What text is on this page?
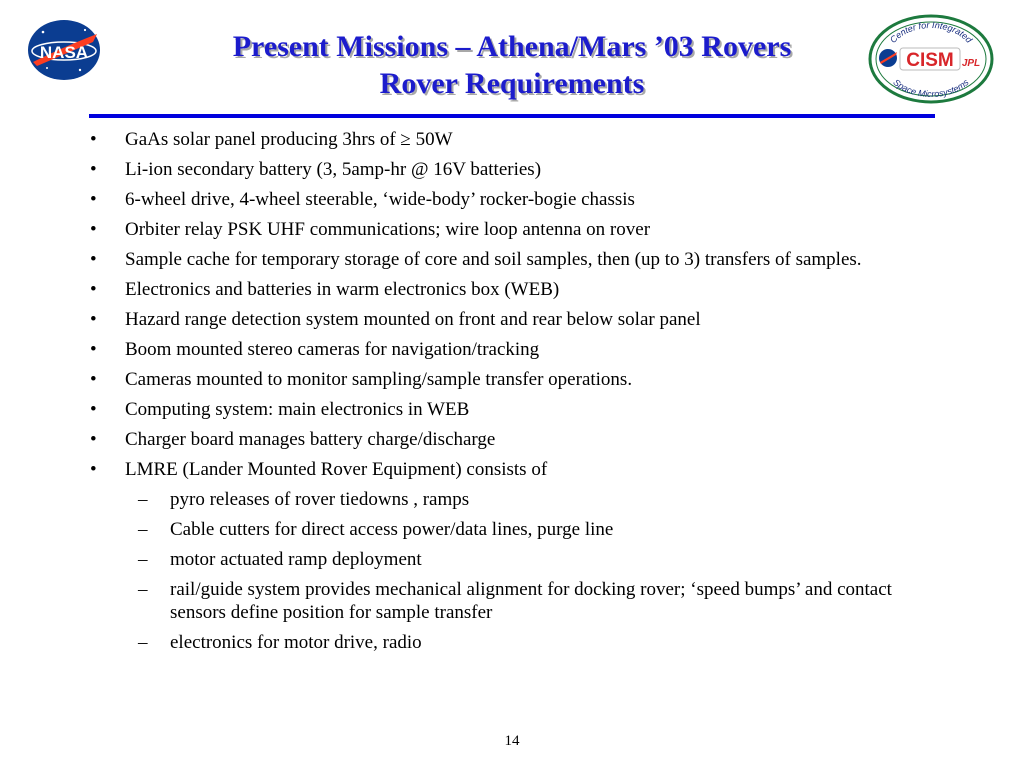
NASA	Present Missions – Athena/Mars ’03 Rovers
Rover Requirements
Center for Integrated
Space Microsystems
CISM JPL
• GaAs solar panel producing 3hrs of ≥ 50W
• Li-ion secondary battery (3, 5amp-hr @ 16V batteries)
• 6-wheel drive, 4-wheel steerable, ‘wide-body’ rocker-bogie chassis
• Orbiter relay PSK UHF communications; wire loop antenna on rover
• Sample cache for temporary storage of core and soil samples, then (up to 3) transfers of samples.
• Electronics and batteries in warm electronics box (WEB)
• Hazard range detection system mounted on front and rear below solar panel
• Boom mounted stereo cameras for navigation/tracking
• Cameras mounted to monitor sampling/sample transfer operations.
• Computing system: main electronics in WEB
• Charger board manages battery charge/discharge
• LMRE (Lander Mounted Rover Equipment) consists of
– pyro releases of rover tiedowns , ramps
– Cable cutters for direct access power/data lines, purge line
– motor actuated ramp deployment
– rail/guide system provides mechanical alignment for docking rover; ‘speed bumps’ and contact sensors define position for sample transfer
– electronics for motor drive, radio
14
